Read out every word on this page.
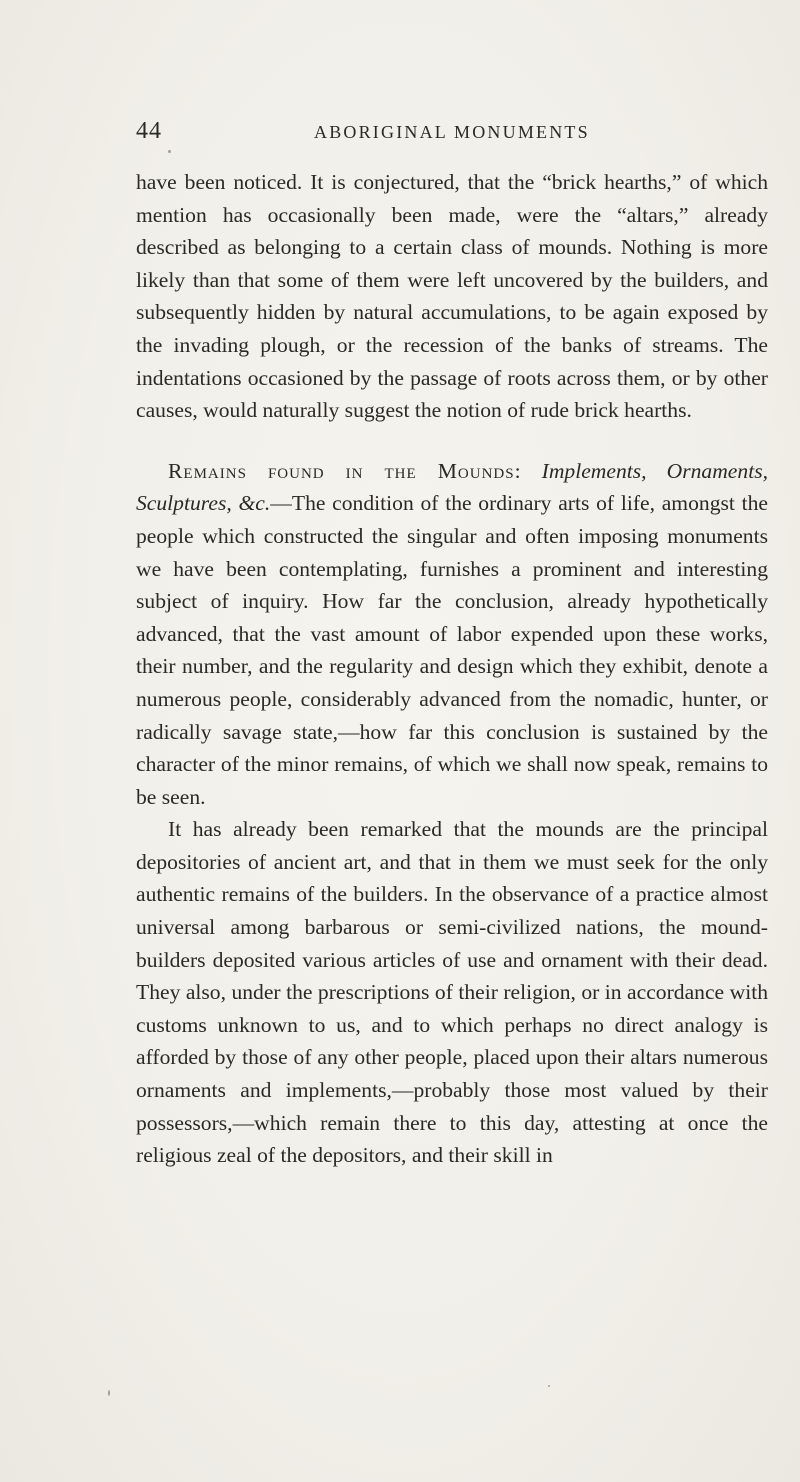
44	ABORIGINAL MONUMENTS

have been noticed. It is conjectured, that the “brick hearths,” of which mention has occasionally been made, were the “altars,” already described as belonging to a certain class of mounds. Nothing is more likely than that some of them were left uncovered by the builders, and subsequently hidden by natural accumulations, to be again exposed by the invading plough, or the recession of the banks of streams. The indentations occasioned by the passage of roots across them, or by other causes, would naturally suggest the notion of rude brick hearths.

Remains found in the Mounds: Implements, Ornaments, Sculptures, &c.—The condition of the ordinary arts of life, amongst the people which constructed the singular and often imposing monuments we have been contemplating, furnishes a prominent and interesting subject of inquiry. How far the conclusion, already hypothetically advanced, that the vast amount of labor expended upon these works, their number, and the regularity and design which they exhibit, denote a numerous people, considerably advanced from the nomadic, hunter, or radically savage state,—how far this conclusion is sustained by the character of the minor remains, of which we shall now speak, remains to be seen.

It has already been remarked that the mounds are the principal depositories of ancient art, and that in them we must seek for the only authentic remains of the builders. In the observance of a practice almost universal among barbarous or semi-civilized nations, the mound-builders deposited various articles of use and ornament with their dead. They also, under the prescriptions of their religion, or in accordance with customs unknown to us, and to which perhaps no direct analogy is afforded by those of any other people, placed upon their altars numerous ornaments and implements,—probably those most valued by their possessors,—which remain there to this day, attesting at once the religious zeal of the depositors, and their skill in
